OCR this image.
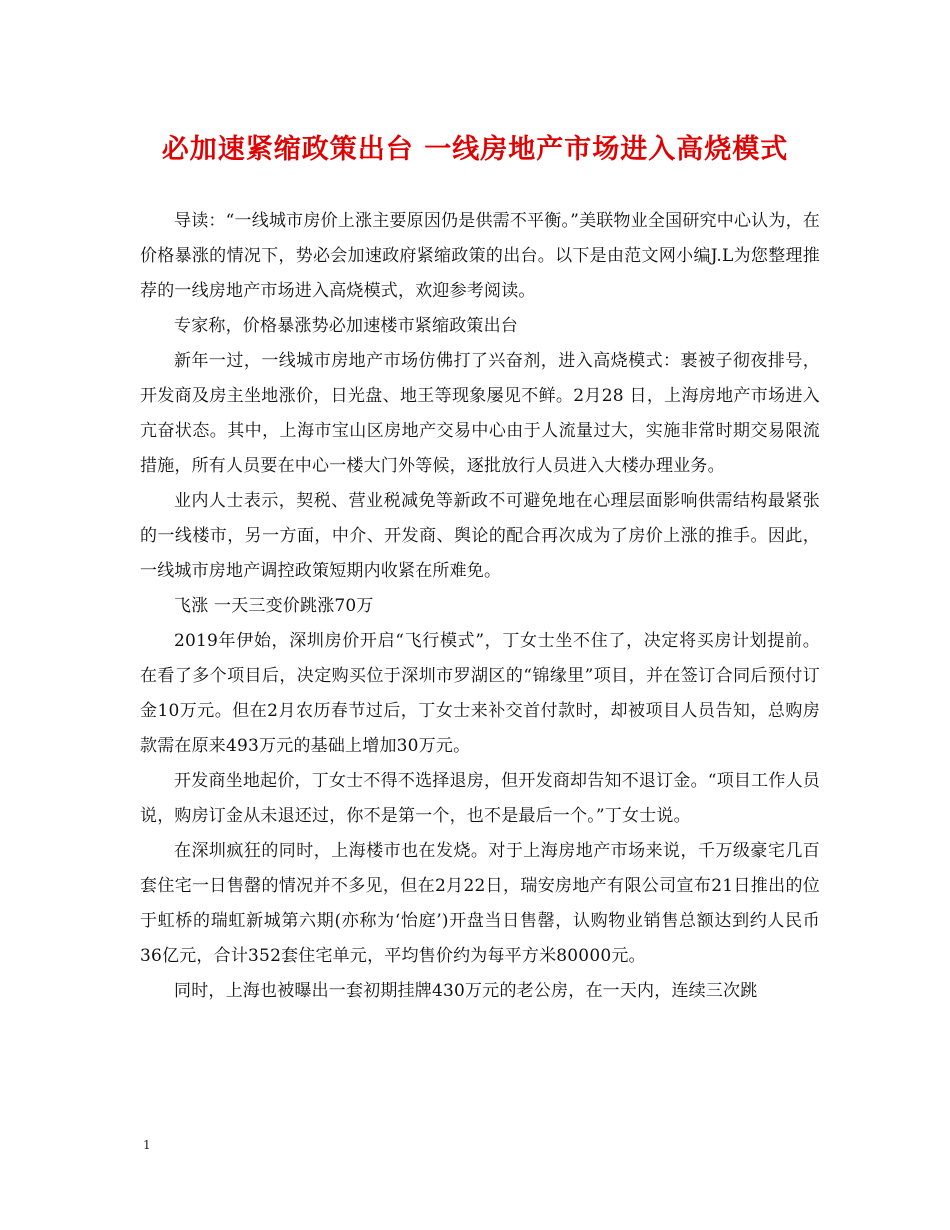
必加速紧缩政策出台 一线房地产市场进入高烧模式

导读：“一线城市房价上涨主要原因仍是供需不平衡。”美联物业全国研究中心认为，在价格暴涨的情况下，势必会加速政府紧缩政策的出台。以下是由范文网小编J.L为您整理推荐的一线房地产市场进入高烧模式，欢迎参考阅读。

专家称，价格暴涨势必加速楼市紧缩政策出台

新年一过，一线城市房地产市场仿佛打了兴奋剂，进入高烧模式：裹被子彻夜排号，开发商及房主坐地涨价，日光盘、地王等现象屡见不鲜。2月28 日，上海房地产市场进入亢奋状态。其中，上海市宝山区房地产交易中心由于人流量过大，实施非常时期交易限流措施，所有人员要在中心一楼大门外等候，逐批放行人员进入大楼办理业务。

业内人士表示，契税、营业税减免等新政不可避免地在心理层面影响供需结构最紧张的一线楼市，另一方面，中介、开发商、舆论的配合再次成为了房价上涨的推手。因此，一线城市房地产调控政策短期内收紧在所难免。

飞涨 一天三变价跳涨70万

2019年伊始，深圳房价开启“飞行模式”，丁女士坐不住了，决定将买房计划提前。在看了多个项目后，决定购买位于深圳市罗湖区的“锦缘里”项目，并在签订合同后预付订金10万元。但在2月农历春节过后，丁女士来补交首付款时，却被项目人员告知，总购房款需在原来493万元的基础上增加30万元。

开发商坐地起价，丁女士不得不选择退房，但开发商却告知不退订金。“项目工作人员说，购房订金从未退还过，你不是第一个，也不是最后一个。”丁女士说。

在深圳疯狂的同时，上海楼市也在发烧。对于上海房地产市场来说，千万级豪宅几百套住宅一日售罄的情况并不多见，但在2月22日，瑞安房地产有限公司宣布21日推出的位于虹桥的瑞虹新城第六期(亦称为‘怡庭’)开盘当日售罄，认购物业销售总额达到约人民币36亿元，合计352套住宅单元，平均售价约为每平方米80000元。

同时，上海也被曝出一套初期挂牌430万元的老公房，在一天内，连续三次跳

1
